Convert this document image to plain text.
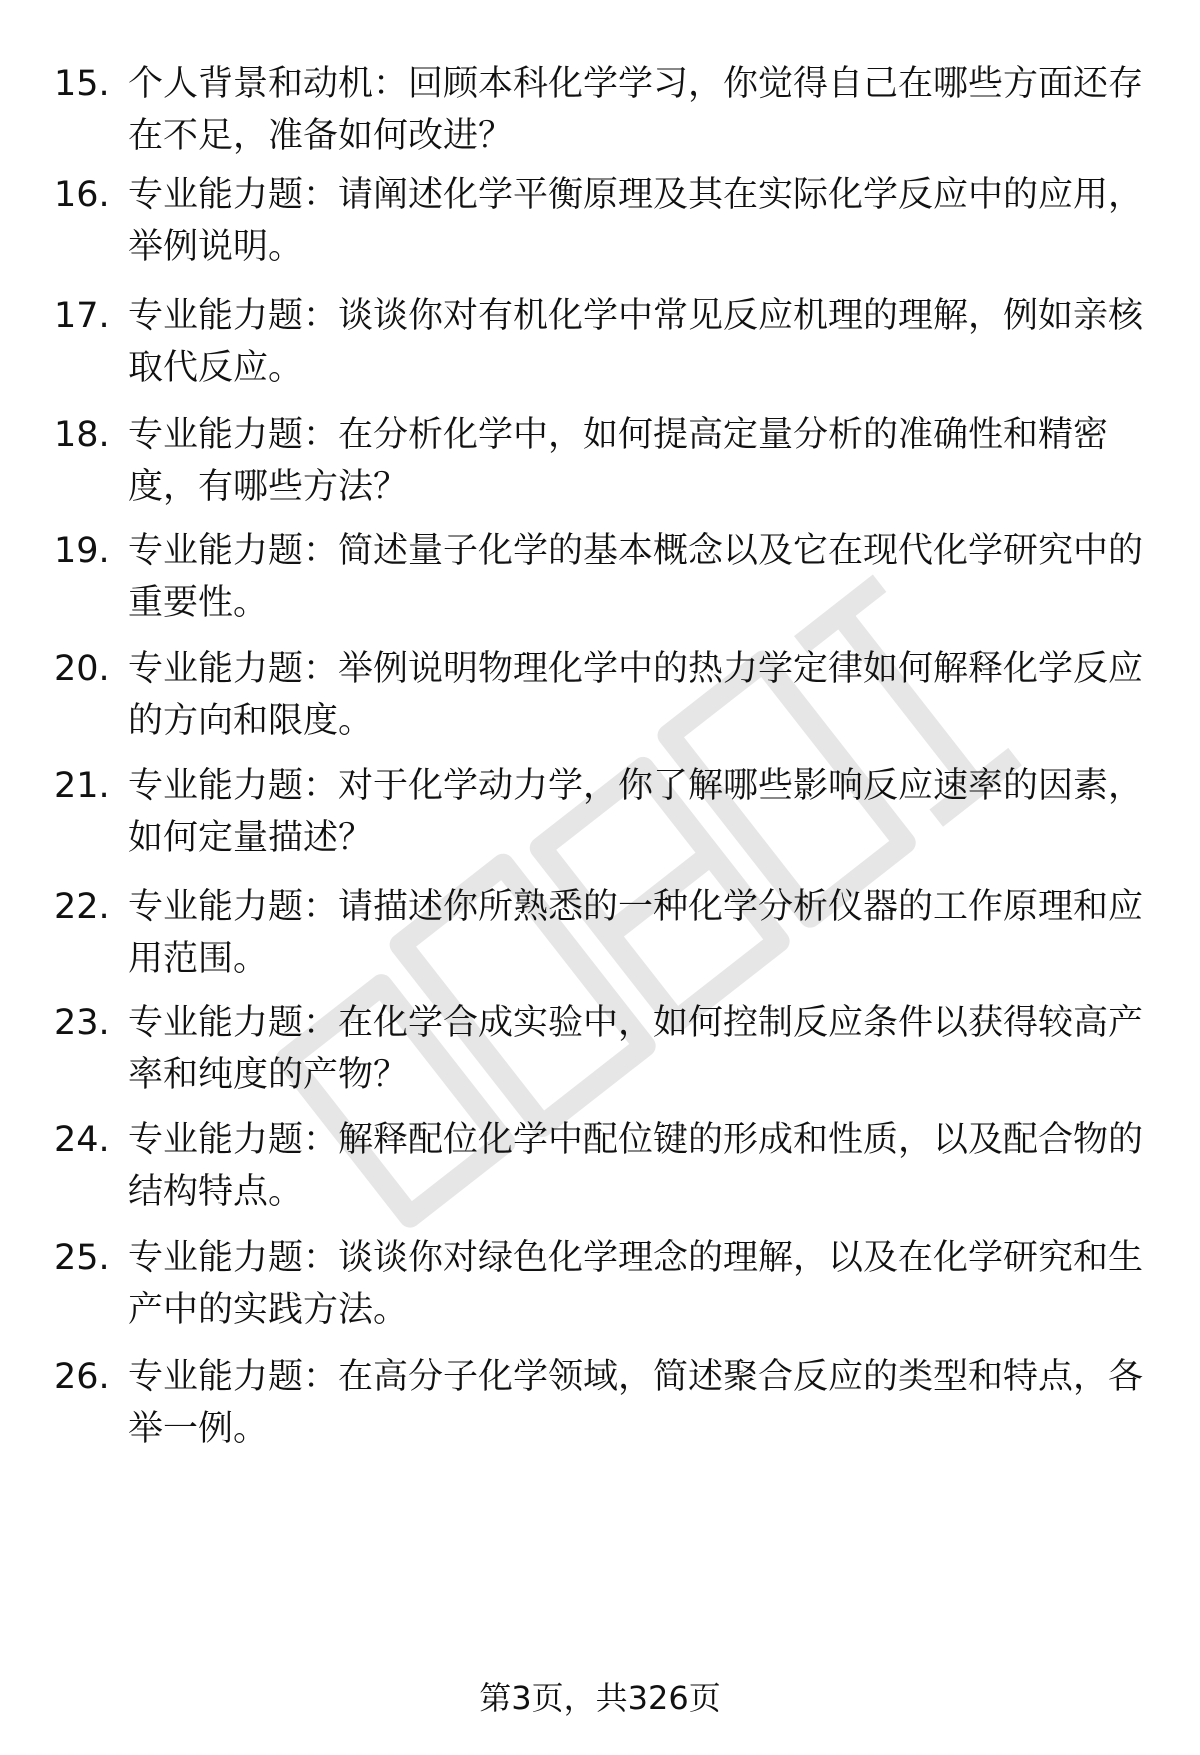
15. 个人背景和动机：回顾本科化学学习，你觉得自己在哪些方面还存在不足，准备如何改进？
16. 专业能力题：请阐述化学平衡原理及其在实际化学反应中的应用，举例说明。
17. 专业能力题：谈谈你对有机化学中常见反应机理的理解，例如亲核取代反应。
18. 专业能力题：在分析化学中，如何提高定量分析的准确性和精密度，有哪些方法？
19. 专业能力题：简述量子化学的基本概念以及它在现代化学研究中的重要性。
20. 专业能力题：举例说明物理化学中的热力学定律如何解释化学反应的方向和限度。
21. 专业能力题：对于化学动力学，你了解哪些影响反应速率的因素，如何定量描述？
22. 专业能力题：请描述你所熟悉的一种化学分析仪器的工作原理和应用范围。
23. 专业能力题：在化学合成实验中，如何控制反应条件以获得较高产率和纯度的产物？
24. 专业能力题：解释配位化学中配位键的形成和性质，以及配合物的结构特点。
25. 专业能力题：谈谈你对绿色化学理念的理解，以及在化学研究和生产中的实践方法。
26. 专业能力题：在高分子化学领域，简述聚合反应的类型和特点，各举一例。
第3页，共326页
